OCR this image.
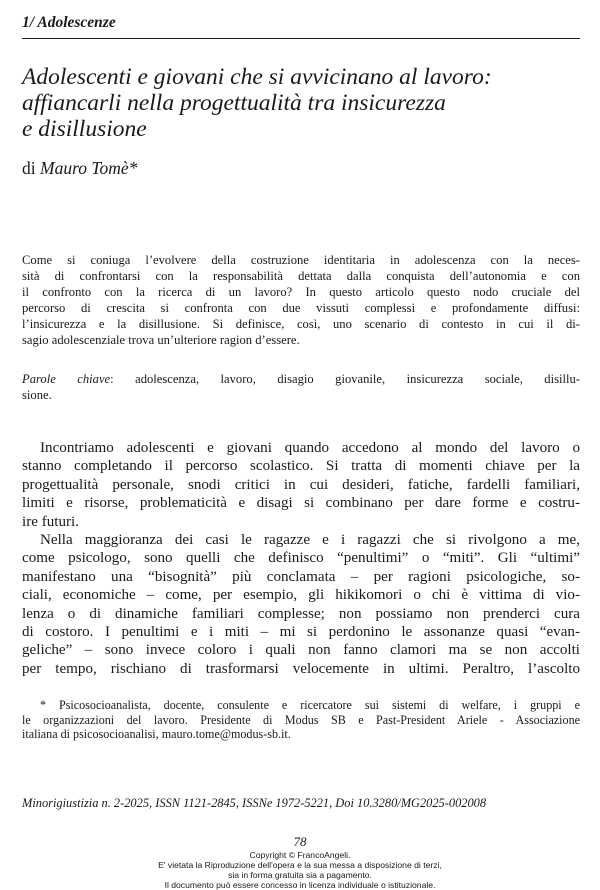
1/ Adolescenze
Adolescenti e giovani che si avvicinano al lavoro:
affiancarli nella progettualità tra insicurezza
e disillusione
di Mauro Tomè*
Come si coniuga l’evolvere della costruzione identitaria in adolescenza con la neces-
sità di confrontarsi con la responsabilità dettata dalla conquista dell’autonomia e con
il confronto con la ricerca di un lavoro? In questo articolo questo nodo cruciale del
percorso di crescita si confronta con due vissuti complessi e profondamente diffusi:
l’insicurezza e la disillusione. Si definisce, così, uno scenario di contesto in cui il di-
sagio adolescenziale trova un’ulteriore ragion d’essere.
Parole chiave: adolescenza, lavoro, disagio giovanile, insicurezza sociale, disillu-
sione.
Incontriamo adolescenti e giovani quando accedono al mondo del lavoro o
stanno completando il percorso scolastico. Si tratta di momenti chiave per la
progettualità personale, snodi critici in cui desideri, fatiche, fardelli familiari,
limiti e risorse, problematicità e disagi si combinano per dare forme e costru-
ire futuri.
Nella maggioranza dei casi le ragazze e i ragazzi che si rivolgono a me,
come psicologo, sono quelli che definisco “penultimi” o “miti”. Gli “ultimi”
manifestano una “bisognità” più conclamata – per ragioni psicologiche, so-
ciali, economiche – come, per esempio, gli hikikomori o chi è vittima di vio-
lenza o di dinamiche familiari complesse; non possiamo non prenderci cura
di costoro. I penultimi e i miti – mi si perdonino le assonanze quasi “evan-
geliche” – sono invece coloro i quali non fanno clamori ma se non accolti
per tempo, rischiano di trasformarsi velocemente in ultimi. Peraltro, l’ascolto
* Psicosocioanalista, docente, consulente e ricercatore sui sistemi di welfare, i gruppi e
le organizzazioni del lavoro. Presidente di Modus SB e Past-President Ariele - Associazione
italiana di psicosocioanalisi, mauro.tome@modus-sb.it.
Minorigiustizia n. 2-2025, ISSN 1121-2845, ISSNe 1972-5221, Doi 10.3280/MG2025-002008
78
Copyright © FrancoAngeli.
E' vietata la Riproduzione dell'opera e la sua messa a disposizione di terzi,
sia in forma gratuita sia a pagamento.
Il documento può essere concesso in licenza individuale o istituzionale.
